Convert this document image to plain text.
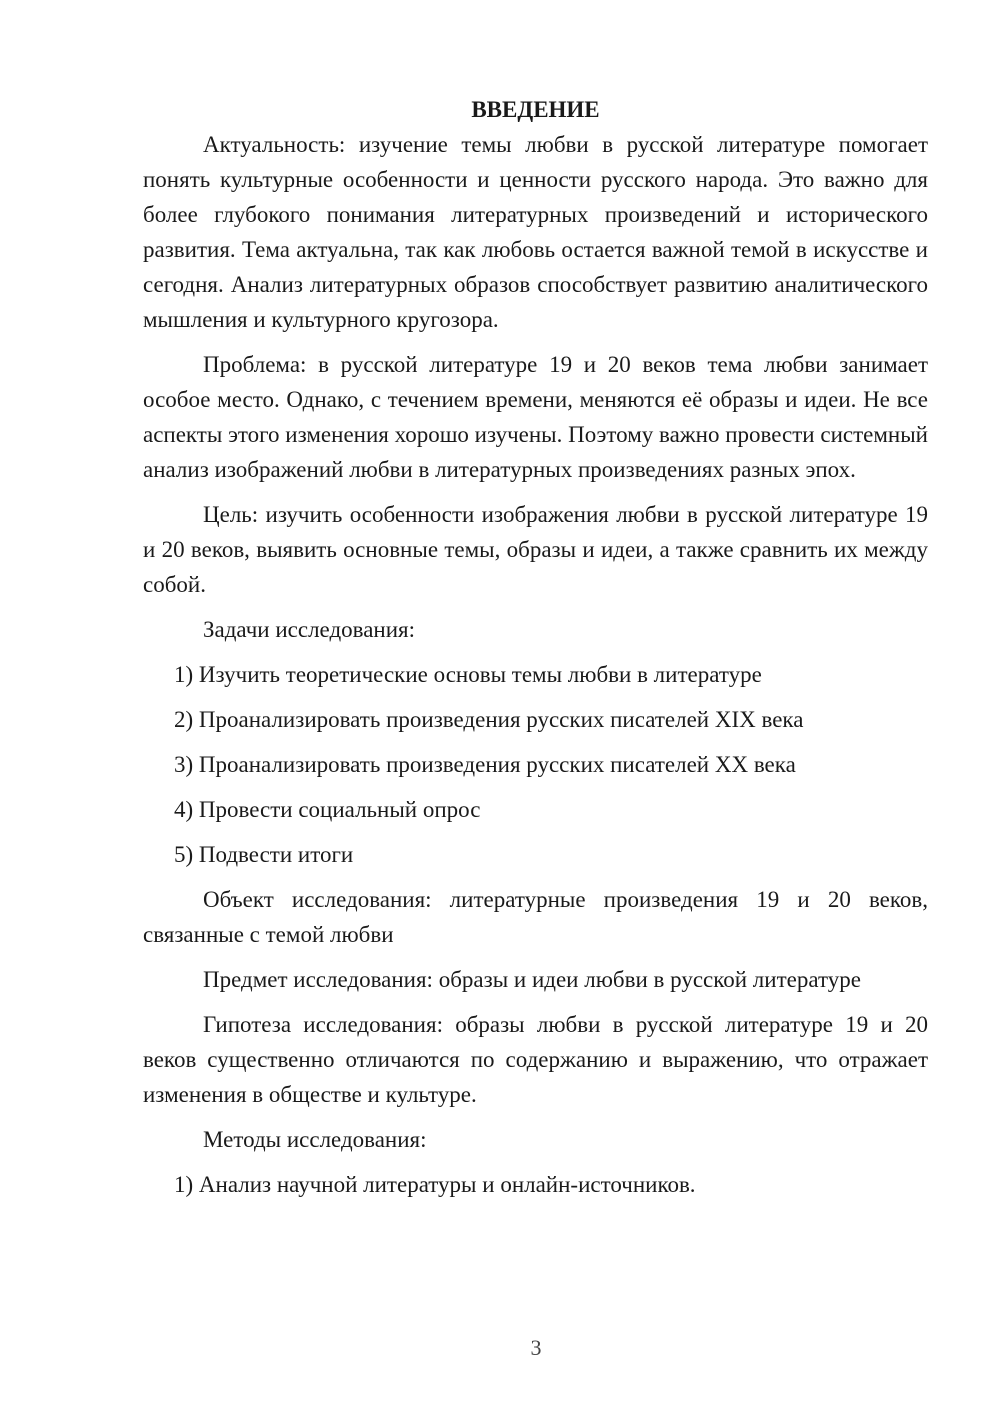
ВВЕДЕНИЕ

Актуальность: изучение темы любви в русской литературе помогает понять культурные особенности и ценности русского народа. Это важно для более глубокого понимания литературных произведений и исторического развития. Тема актуальна, так как любовь остается важной темой в искусстве и сегодня. Анализ литературных образов способствует развитию аналитического мышления и культурного кругозора.

Проблема: в русской литературе 19 и 20 веков тема любви занимает особое место. Однако, с течением времени, меняются её образы и идеи. Не все аспекты этого изменения хорошо изучены. Поэтому важно провести системный анализ изображений любви в литературных произведениях разных эпох.

Цель: изучить особенности изображения любви в русской литературе 19 и 20 веков, выявить основные темы, образы и идеи, а также сравнить их между собой.

Задачи исследования:

1) Изучить теоретические основы темы любви в литературе

2) Проанализировать произведения русских писателей XIX века

3) Проанализировать произведения русских писателей XX века

4) Провести социальный опрос

5) Подвести итоги

Объект исследования: литературные произведения 19 и 20 веков, связанные с темой любви

Предмет исследования: образы и идеи любви в русской литературе

Гипотеза исследования: образы любви в русской литературе 19 и 20 веков существенно отличаются по содержанию и выражению, что отражает изменения в обществе и культуре.

Методы исследования:

1) Анализ научной литературы и онлайн-источников.

3
